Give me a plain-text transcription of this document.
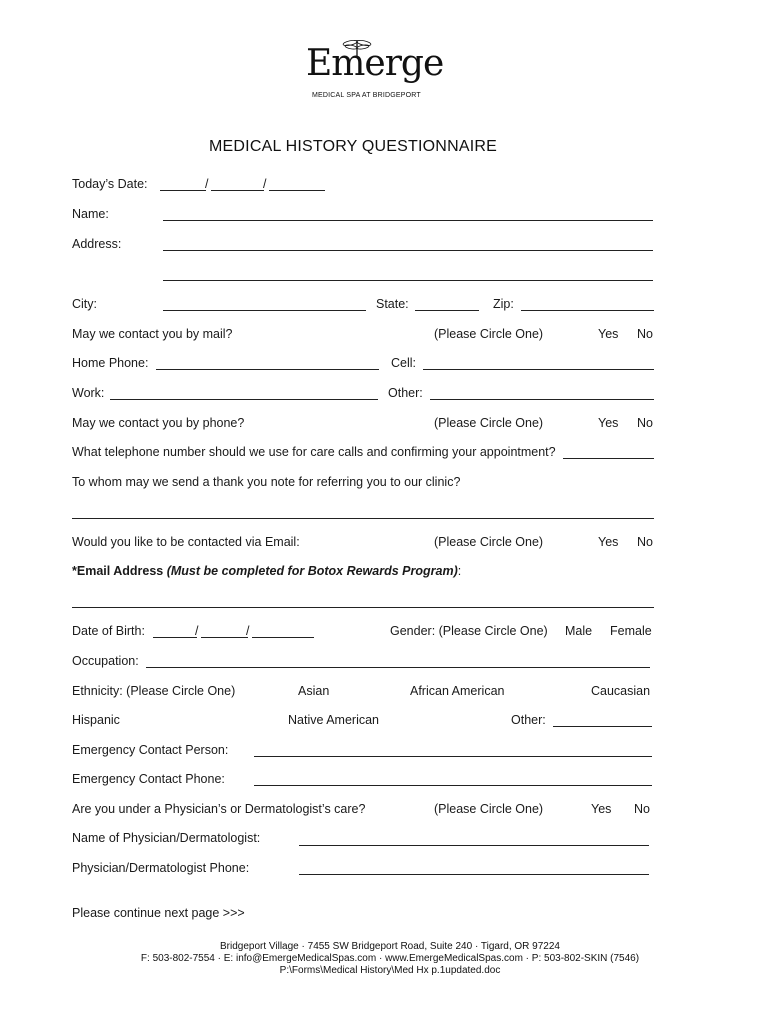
Emerge
MEDICAL SPA AT BRIDGEPORT
MEDICAL HISTORY QUESTIONNAIRE
Today’s Date:	/	/
Name:
Address:
City:	State:	Zip:
May we contact you by mail?	(Please Circle One)	Yes No
Home Phone:	Cell:
Work:	Other:
May we contact you by phone?	(Please Circle One)	Yes No
What telephone number should we use for care calls and confirming your appointment?
To whom may we send a thank you note for referring you to our clinic?
Would you like to be contacted via Email:	(Please Circle One)	Yes No
*Email Address (Must be completed for Botox Rewards Program):
Date of Birth:	/	/	Gender: (Please Circle One) Male Female
Occupation:
Ethnicity: (Please Circle One)	Asian	African American	Caucasian
Hispanic	Native American	Other:
Emergency Contact Person:
Emergency Contact Phone:
Are you under a Physician’s or Dermatologist’s care?	(Please Circle One)	Yes No
Name of Physician/Dermatologist:
Physician/Dermatologist Phone:
Please continue next page >>>
Bridgeport Village · 7455 SW Bridgeport Road, Suite 240 · Tigard, OR 97224
F: 503-802-7554 · E: info@EmergeMedicalSpas.com · www.EmergeMedicalSpas.com · P: 503-802-SKIN (7546)
P:\Forms\Medical History\Med Hx p.1updated.doc
